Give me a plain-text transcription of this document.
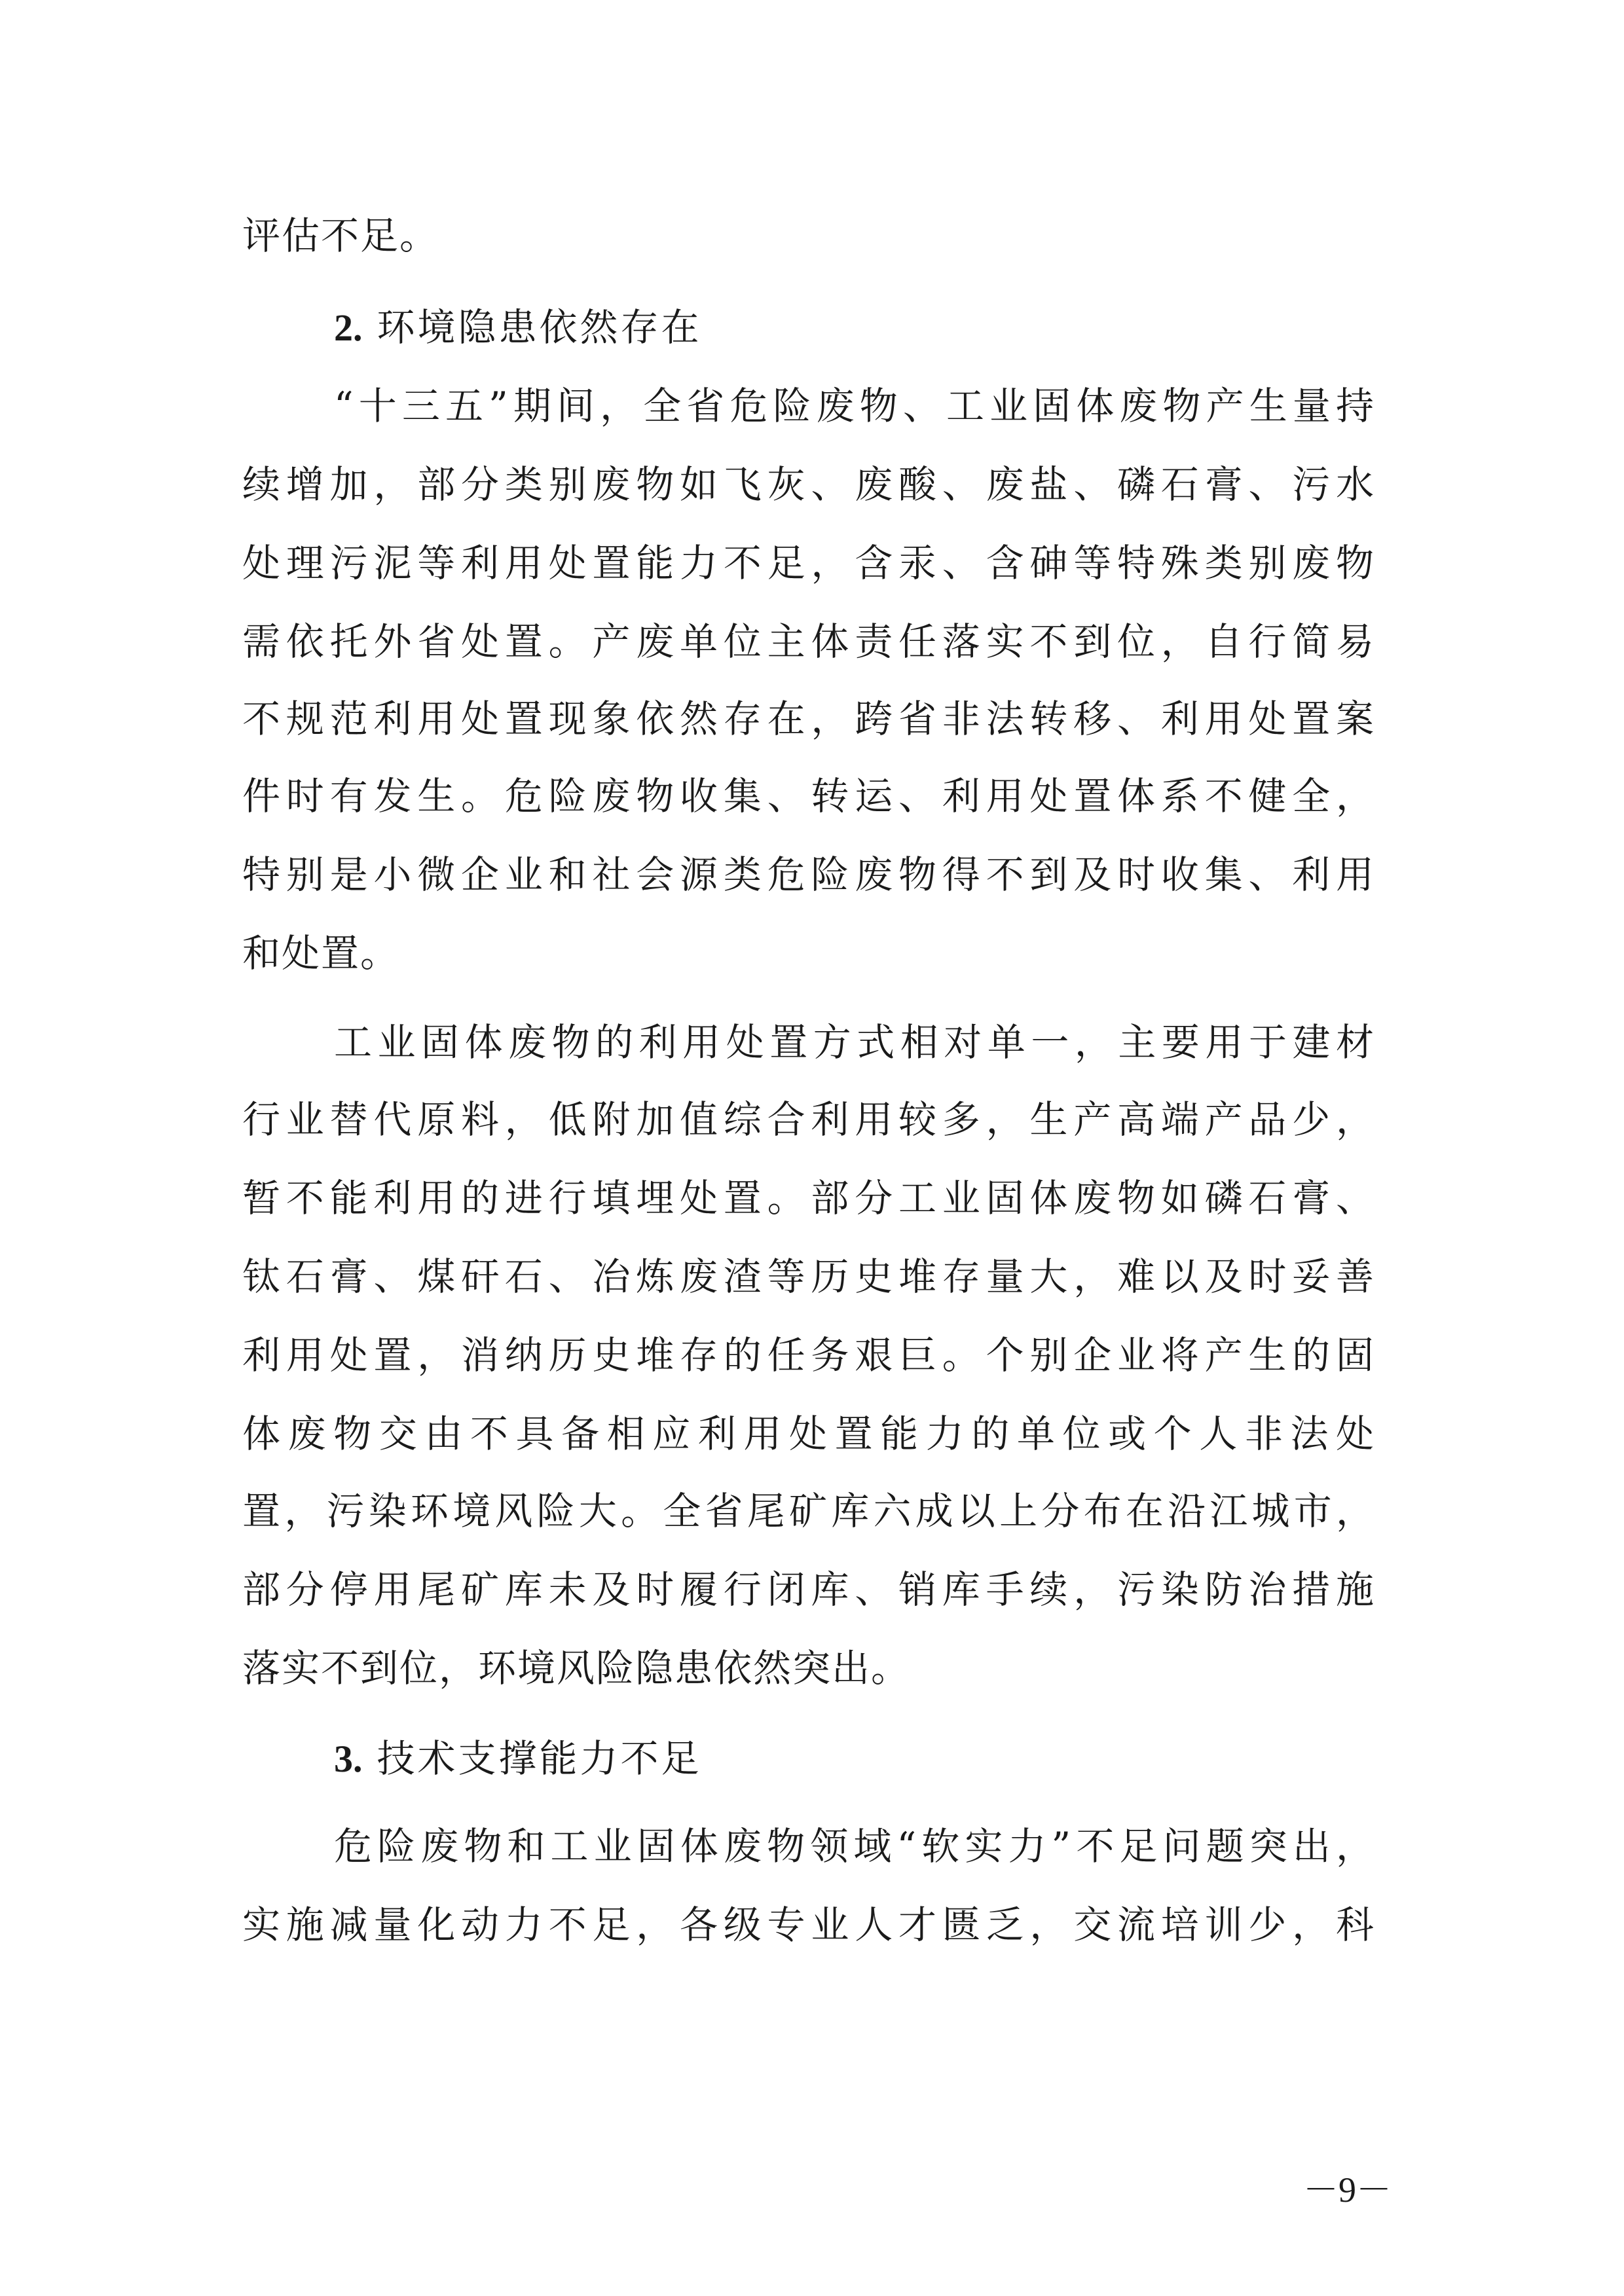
评估不足。
2. 环境隐患依然存在
“十三五”期间，全省危险废物、工业固体废物产生量持
续增加，部分类别废物如飞灰、废酸、废盐、磷石膏、污水
处理污泥等利用处置能力不足，含汞、含砷等特殊类别废物
需依托外省处置。产废单位主体责任落实不到位，自行简易
不规范利用处置现象依然存在，跨省非法转移、利用处置案
件时有发生。危险废物收集、转运、利用处置体系不健全，
特别是小微企业和社会源类危险废物得不到及时收集、利用
和处置。
工业固体废物的利用处置方式相对单一，主要用于建材
行业替代原料，低附加值综合利用较多，生产高端产品少，
暂不能利用的进行填埋处置。部分工业固体废物如磷石膏、
钛石膏、煤矸石、冶炼废渣等历史堆存量大，难以及时妥善
利用处置，消纳历史堆存的任务艰巨。个别企业将产生的固
体废物交由不具备相应利用处置能力的单位或个人非法处
置，污染环境风险大。全省尾矿库六成以上分布在沿江城市，
部分停用尾矿库未及时履行闭库、销库手续，污染防治措施
落实不到位，环境风险隐患依然突出。
3. 技术支撑能力不足
危险废物和工业固体废物领域“软实力”不足问题突出，
实施减量化动力不足，各级专业人才匮乏，交流培训少，科
－9－
